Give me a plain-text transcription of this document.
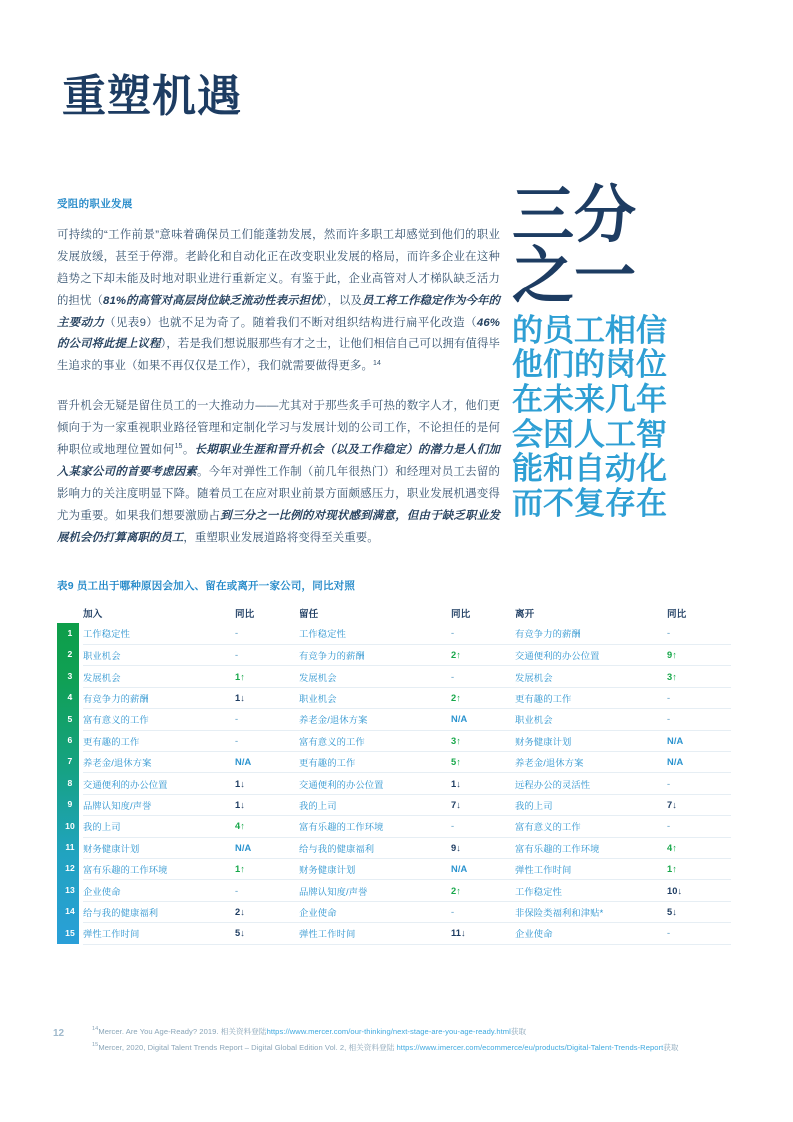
重塑机遇
受阻的职业发展

可持续的“工作前景”意味着确保员工们能蓬勃发展，然而许多职工却感觉到他们的职业发展放缓，甚至于停滞。老龄化和自动化正在改变职业发展的格局，而许多企业在这种趋势之下却未能及时地对职业进行重新定义。有鉴于此，企业高管对人才梯队缺乏活力的担忧（81%的高管对高层岗位缺乏流动性表示担忧），以及员工将工作稳定作为今年的主要动力（见表9）也就不足为奇了。随着我们不断对组织结构进行扁平化改造（46%的公司将此提上议程），若是我们想说服那些有才之士，让他们相信自己可以拥有值得毕生追求的事业（如果不再仅仅是工作），我们就需要做得更多。$^{14}$

晋升机会无疑是留住员工的一大推动力——尤其对于那些炙手可热的数字人才，他们更倾向于为一家重视职业路径管理和定制化学习与发展计划的公司工作，不论担任的是何种职位或地理位置如何$^{15}$。长期职业生涯和晋升机会（以及工作稳定）的潜力是人们加入某家公司的首要考虑因素。今年对弹性工作制（前几年很热门）和经理对员工去留的影响力的关注度明显下降。随着员工在应对职业前景方面颇感压力，职业发展机遇变得尤为重要。如果我们想要激励占到三分之一比例的对现状感到满意，但由于缺乏职业发展机会仍打算离职的员工，重塑职业发展道路将变得至关重要。

三分
之一
的员工相信
他们的岗位
在未来几年
会因人工智
能和自动化
而不复存在
表9 员工出于哪种原因会加入、留在或离开一家公司，同比对照
	加入	同比	留任	同比	离开	同比

1	工作稳定性	-	工作稳定性	-	有竞争力的薪酬	-

2	职业机会	-	有竞争力的薪酬	2↑	交通便利的办公位置	9↑

3	发展机会	1↑	发展机会	-	发展机会	3↑

4	有竞争力的薪酬	1↓	职业机会	2↑	更有趣的工作	-

5	富有意义的工作	-	养老金/退休方案	N/A	职业机会	-

6	更有趣的工作	-	富有意义的工作	3↑	财务健康计划	N/A

7	养老金/退休方案	N/A	更有趣的工作	5↑	养老金/退休方案	N/A

8	交通便利的办公位置	1↓	交通便利的办公位置	1↓	远程办公的灵活性	-

9	品牌认知度/声誉	1↓	我的上司	7↓	我的上司	7↓

10	我的上司	4↑	富有乐趣的工作环境	-	富有意义的工作	-

11	财务健康计划	N/A	给与我的健康福利	9↓	富有乐趣的工作环境	4↑

12	富有乐趣的工作环境	1↑	财务健康计划	N/A	弹性工作时间	1↑

13	企业使命	-	品牌认知度/声誉	2↑	工作稳定性	10↓

14	给与我的健康福利	2↓	企业使命	-	非保险类福利和津贴*	5↓

15	弹性工作时间	5↓	弹性工作时间	11↓	企业使命	-
12	$^{14}$Mercer. Are You Age-Ready? 2019. 相关资料登陆https://www.mercer.com/our-thinking/next-stage-are-you-age-ready.html获取
$^{15}$Mercer, 2020, Digital Talent Trends Report – Digital Global Edition Vol. 2, 相关资料登陆 https://www.imercer.com/ecommerce/eu/products/Digital-Talent-Trends-Report获取
